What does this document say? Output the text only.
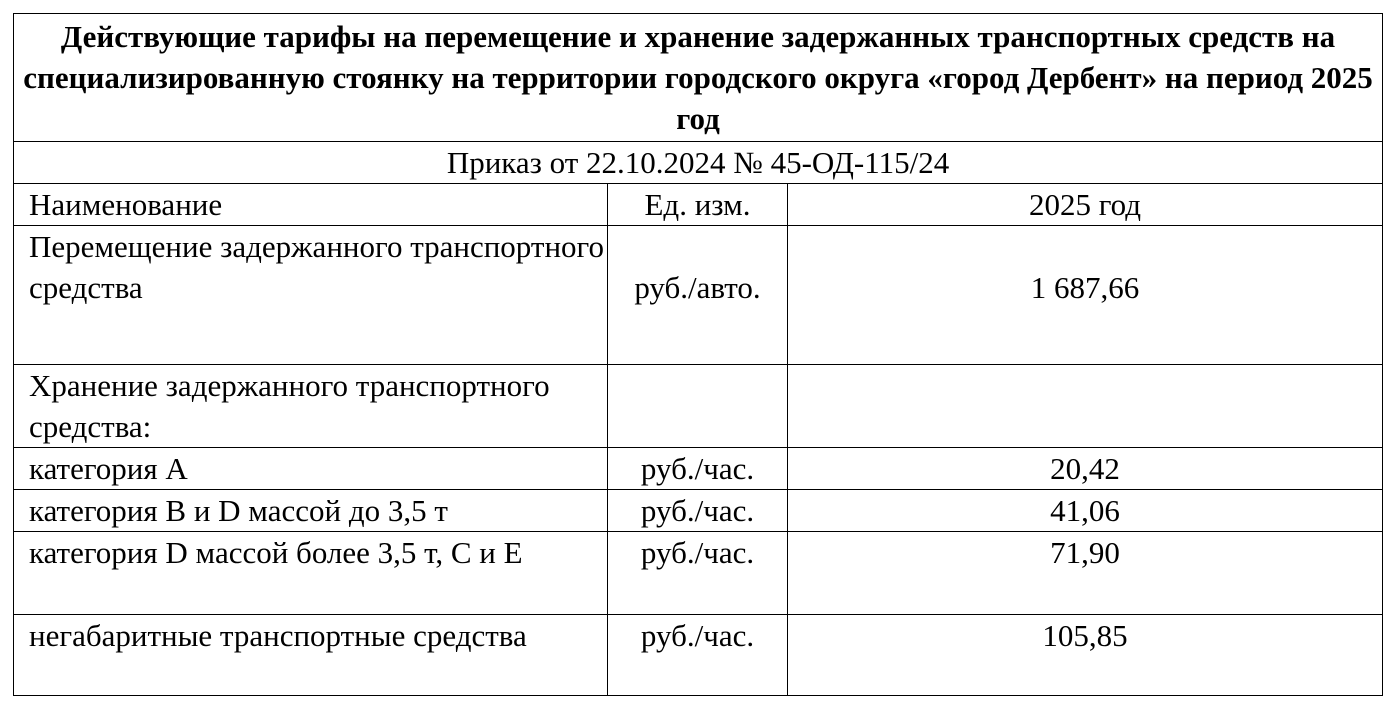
Действующие тарифы на перемещение и хранение задержанных транспортных средств на специализированную стоянку на территории городского округа «город Дербент» на период 2025 год		
Приказ от 22.10.2024 № 45-ОД-115/24		
Наименование	Ед. изм.	2025 год
Перемещение задержанного транспортного средства	руб./авто.	1 687,66
Хранение задержанного транспортного средства:		
категория А	руб./час.	20,42
категория В и D массой до 3,5 т	руб./час.	41,06
категория D массой более 3,5 т, С и Е	руб./час.	71,90
негабаритные транспортные средства	руб./час.	105,85
